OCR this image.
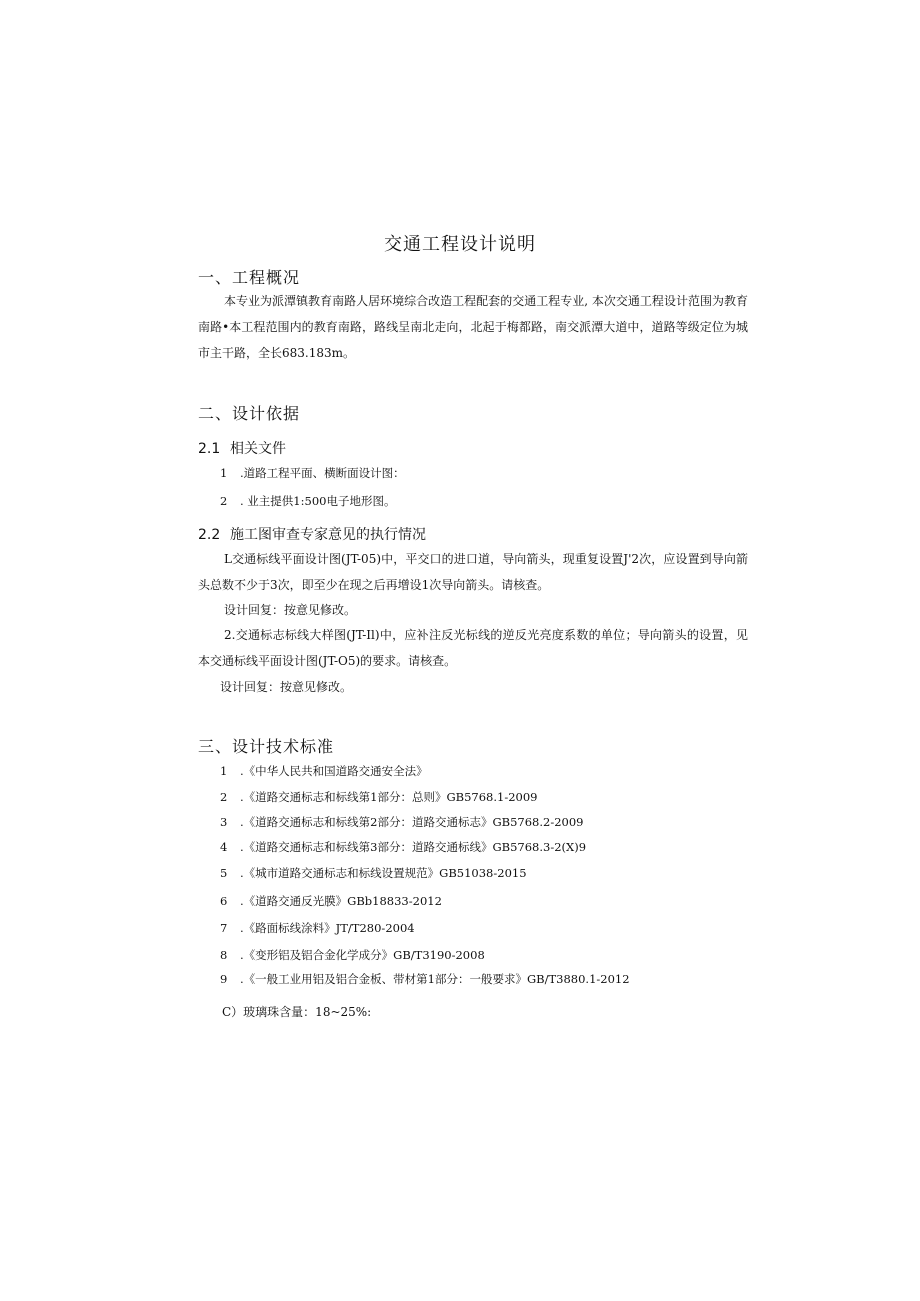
交通工程设计说明
一、工程概况
本专业为派潭镇教育南路人居环境综合改造工程配套的交通工程专业, 本次交通工程设计范围为教育南路•本工程范围内的教育南路，路线呈南北走向，北起于梅都路，南交派潭大道中，道路等级定位为城市主干路，全长683.183m。
二、设计依据
2.1 相关文件
1 .道路工程平面、横断面设计图：
2 . 业主提供1:500电子地形图。
2.2 施工图审查专家意见的执行情况
L交通标线平面设计图(JT-05)中，平交口的进口道，导向箭头，现重复设置J'2次，应设置到导向箭头总数不少于3次，即至少在现之后再增设1次导向箭头。请核查。
设计回复：按意见修改。
2.交通标志标线大样图(JT-Il)中，应补注反光标线的逆反光亮度系数的单位；导向箭头的设置，见本交通标线平面设计图(JT-O5)的要求。请核查。
设计回复：按意见修改。
三、设计技术标准
1 .《中华人民共和国道路交通安全法》
2 .《道路交通标志和标线第1部分：总则》GB5768.1-2009
3 .《道路交通标志和标线第2部分：道路交通标志》GB5768.2-2009
4 .《道路交通标志和标线第3部分：道路交通标线》GB5768.3-2(X)9
5 .《城市道路交通标志和标线设置规范》GB51038-2015
6 .《道路交通反光膜》GBb18833-2012
7 .《路面标线涂料》JT/T280-2004
8 .《变形铝及铝合金化学成分》GB/T3190-2008
9 .《一般工业用铝及铝合金板、带材第1部分：一般要求》GB/T3880.1-2012
C）玻璃珠含量：18~25%:
